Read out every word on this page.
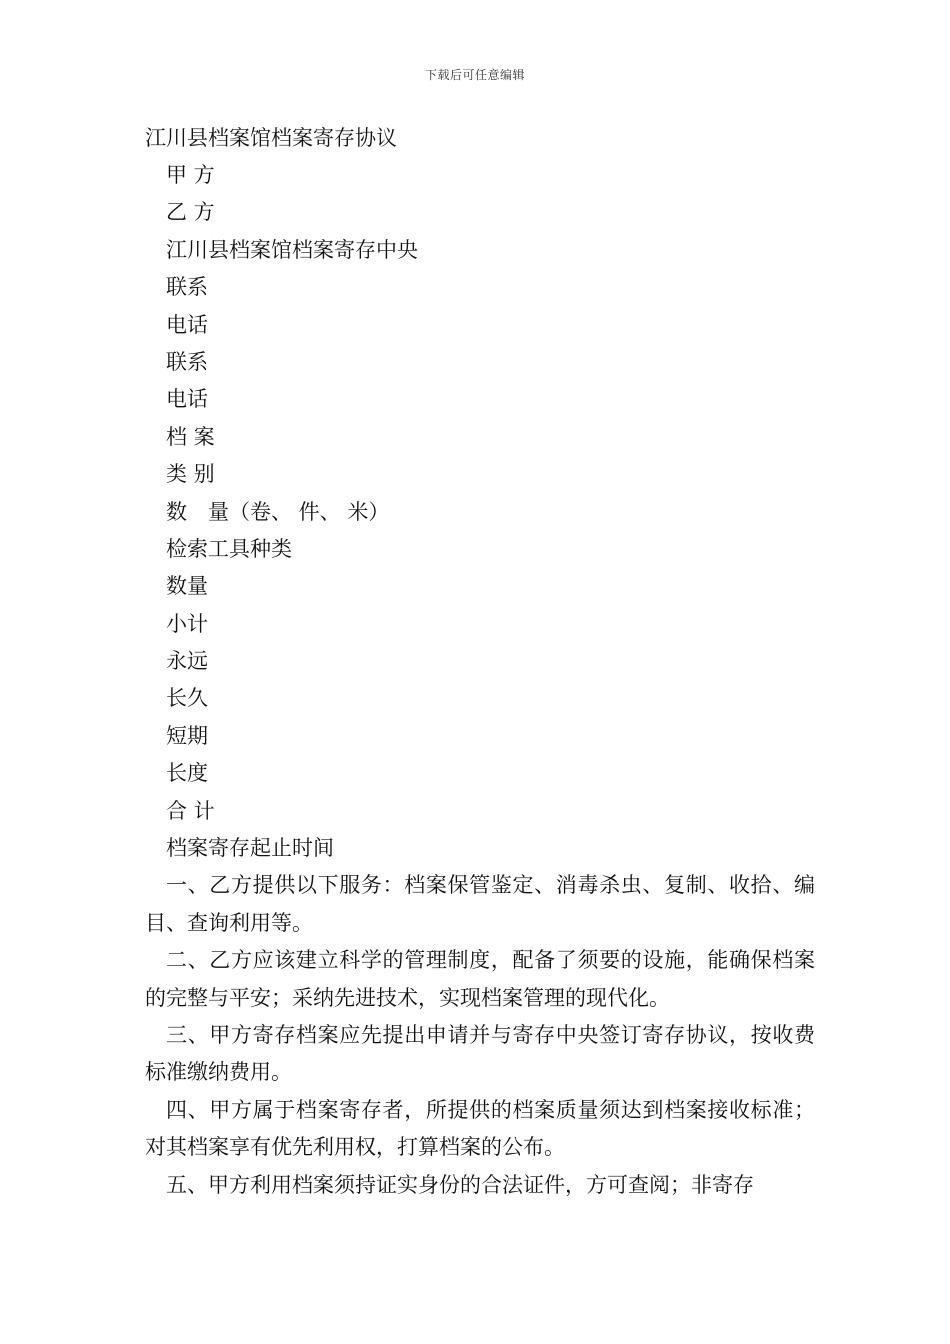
下载后可任意编辑
江川县档案馆档案寄存协议
甲 方
乙 方
江川县档案馆档案寄存中央
联系
电话
联系
电话
档 案
类 别
数　量（卷、 件、 米）
检索工具种类
数量
小计
永远
长久
短期
长度
合 计
档案寄存起止时间

一、乙方提供以下服务：档案保管鉴定、消毒杀虫、复制、收拾、编目、查询利用等。

二、乙方应该建立科学的管理制度，配备了须要的设施，能确保档案的完整与平安；采纳先进技术，实现档案管理的现代化。

三、甲方寄存档案应先提出申请并与寄存中央签订寄存协议，按收费标准缴纳费用。

四、甲方属于档案寄存者，所提供的档案质量须达到档案接收标准；对其档案享有优先利用权，打算档案的公布。

五、甲方利用档案须持证实身份的合法证件，方可查阅；非寄存
